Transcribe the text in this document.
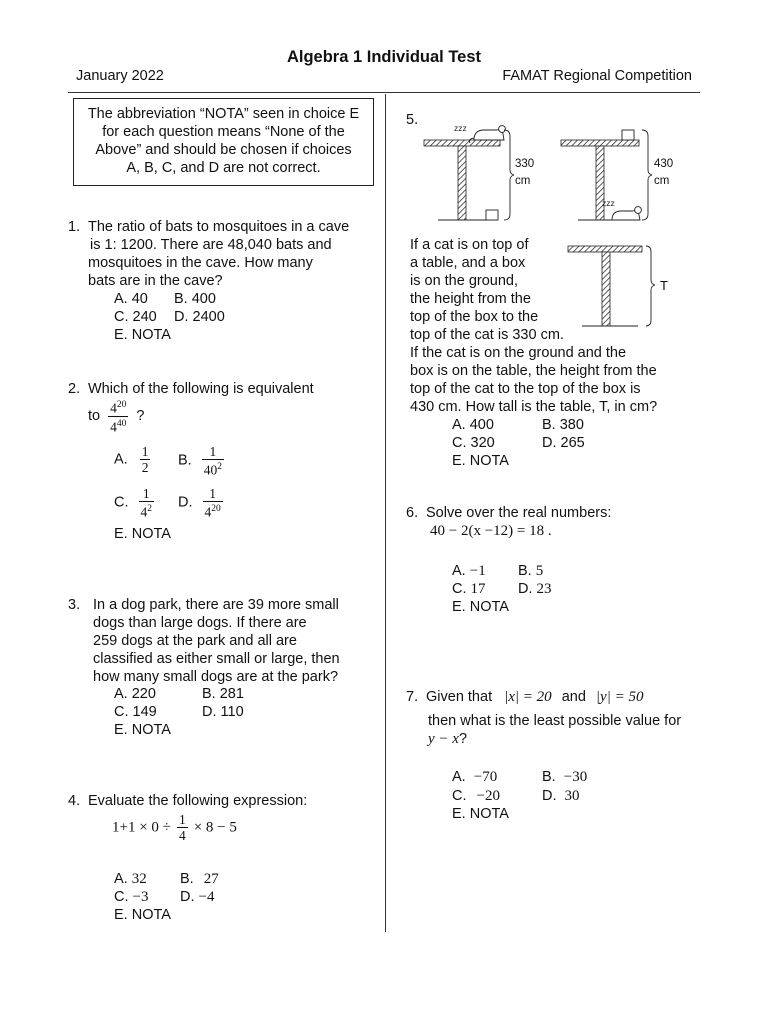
Algebra 1 Individual Test
January 2022	FAMAT Regional Competition
The abbreviation “NOTA” seen in choice E
for each question means “None of the
Above” and should be chosen if choices
A, B, C, and D are not correct.
1. The ratio of bats to mosquitoes in a cave
is 1: 1200. There are 48,040 bats and
mosquitoes in the cave. How many
bats are in the cave?
A. 40 B. 400
C. 240 D. 2400
E. NOTA
2. Which of the following is equivalent
to $\frac{4^{20}}{4^{40}}$ ?
A. $\frac{1}{2} B$. $\frac{1}{40^2}$
C. $\frac{1}{4^2} D$. $\frac{1}{4^{20}}$
E. NOTA
3. In a dog park, there are 39 more small
dogs than large dogs. If there are
259 dogs at the park and all are
classified as either small or large, then
how many small dogs are at the park?
A. 220	B. 281
C. 149	D. 110
E. NOTA
4. Evaluate the following expression:
$1+1 \times 0 \div \frac{1}{4} \times 8 - 5$
A. 32 B. 27
C. −3 D. −4
E. NOTA
5.	zzz
330
cm
zzz
430
cm
T
If a cat is on top of
a table, and a box
is on the ground,
the height from the
top of the box to the
top of the cat is 330 cm.
If the cat is on the ground and the
box is on the table, the height from the
top of the cat to the top of the box is
430 cm. How tall is the table, T, in cm?
A. 400	B. 380
C. 320	D. 265
E. NOTA
6. Solve over the real numbers:
40 − 2(x −12) = 18 .
A. −1 B. 5
C. 17 D. 23
E. NOTA
7. Given that |x| = 20 and |y| = 50
then what is the least possible value for
y − x?
A. −70	B. −30
C. −20	D. 30
E. NOTA
